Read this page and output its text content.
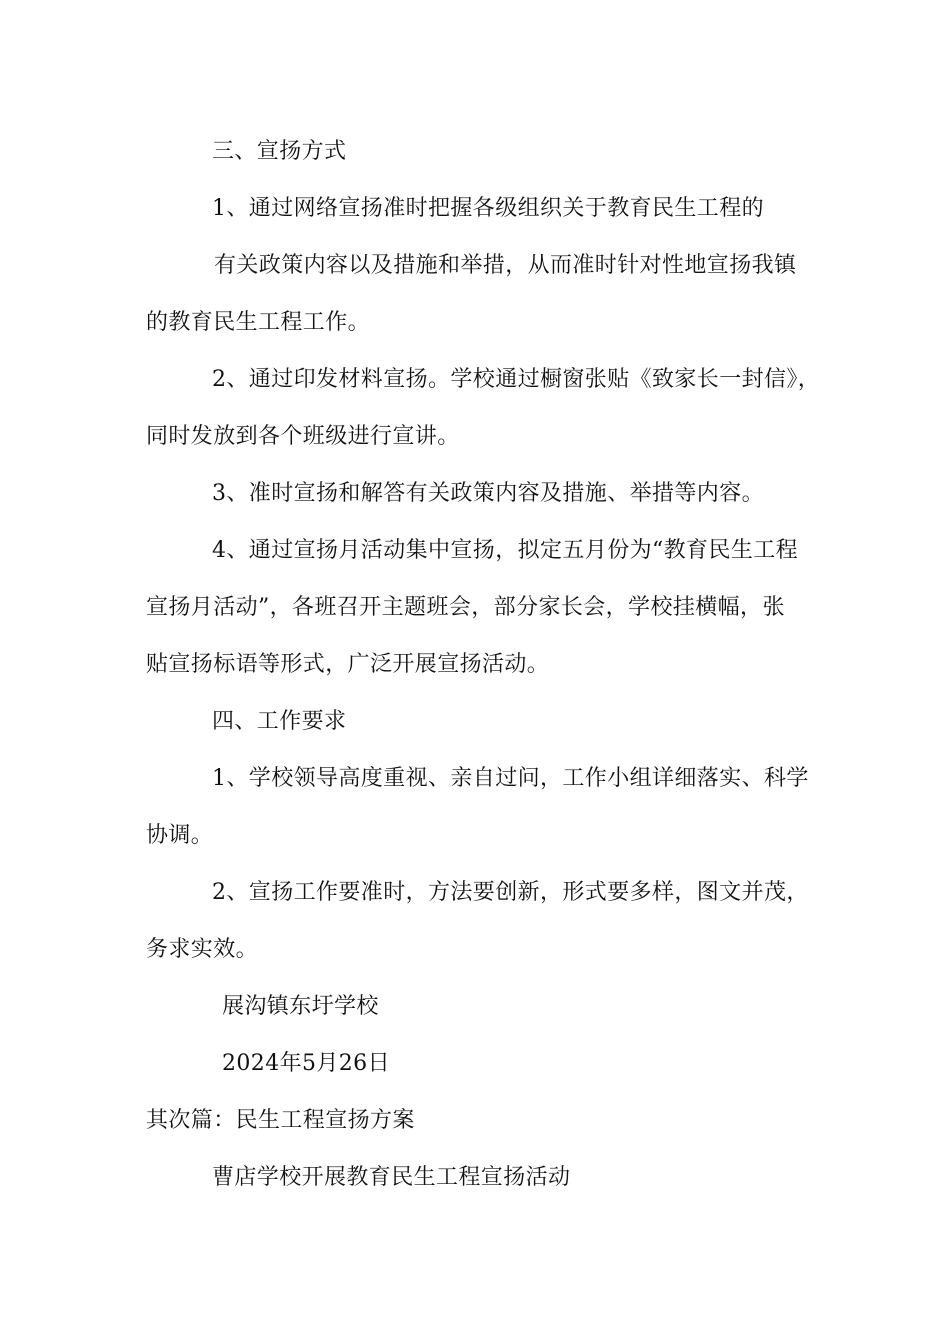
三、宣扬方式
1、通过网络宣扬准时把握各级组织关于教育民生工程的
有关政策内容以及措施和举措，从而准时针对性地宣扬我镇
的教育民生工程工作。
2、通过印发材料宣扬。学校通过橱窗张贴《致家长一封信》，
同时发放到各个班级进行宣讲。
3、准时宣扬和解答有关政策内容及措施、举措等内容。
4、通过宣扬月活动集中宣扬，拟定五月份为“教育民生工程
宣扬月活动”，各班召开主题班会，部分家长会，学校挂横幅，张
贴宣扬标语等形式，广泛开展宣扬活动。
四、工作要求
1、学校领导高度重视、亲自过问，工作小组详细落实、科学
协调。
2、宣扬工作要准时，方法要创新，形式要多样，图文并茂，
务求实效。
展沟镇东圩学校
2024年5月26日
其次篇：民生工程宣扬方案
曹店学校开展教育民生工程宣扬活动
